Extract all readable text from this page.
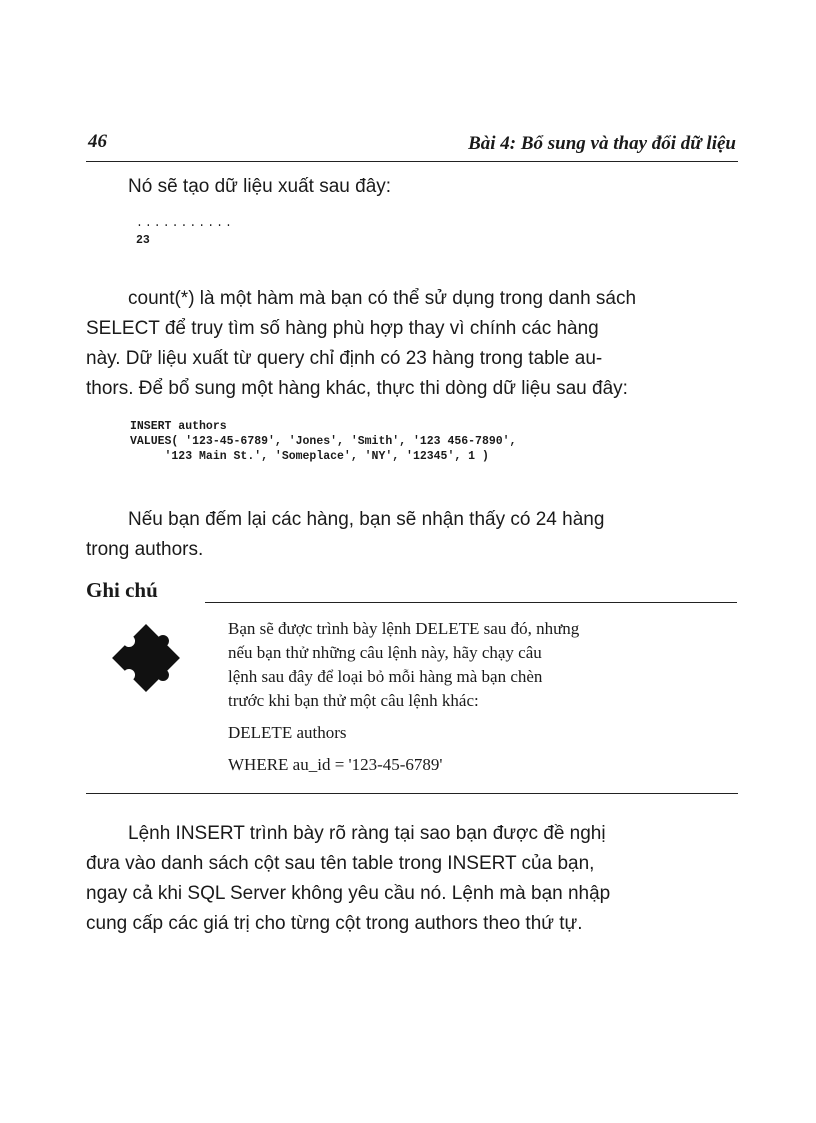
46	Bài 4: Bổ sung và thay đổi dữ liệu
Nó sẽ tạo dữ liệu xuất sau đây:
...........
23
count(*) là một hàm mà bạn có thể sử dụng trong danh sách
SELECT để truy tìm số hàng phù hợp thay vì chính các hàng
này. Dữ liệu xuất từ query chỉ định có 23 hàng trong table au-
thors. Để bổ sung một hàng khác, thực thi dòng dữ liệu sau đây:
INSERT authors
VALUES( '123-45-6789', 'Jones', 'Smith', '123 456-7890',
'123 Main St.', 'Someplace', 'NY', '12345', 1 )
Nếu bạn đếm lại các hàng, bạn sẽ nhận thấy có 24 hàng
trong authors.
Ghi chú
Bạn sẽ được trình bày lệnh DELETE sau đó, nhưng
nếu bạn thử những câu lệnh này, hãy chạy câu
lệnh sau đây để loại bỏ mỗi hàng mà bạn chèn
trước khi bạn thử một câu lệnh khác:
DELETE authors
WHERE au_id = '123-45-6789'
Lệnh INSERT trình bày rõ ràng tại sao bạn được đề nghị
đưa vào danh sách cột sau tên table trong INSERT của bạn,
ngay cả khi SQL Server không yêu cầu nó. Lệnh mà bạn nhập
cung cấp các giá trị cho từng cột trong authors theo thứ tự.
